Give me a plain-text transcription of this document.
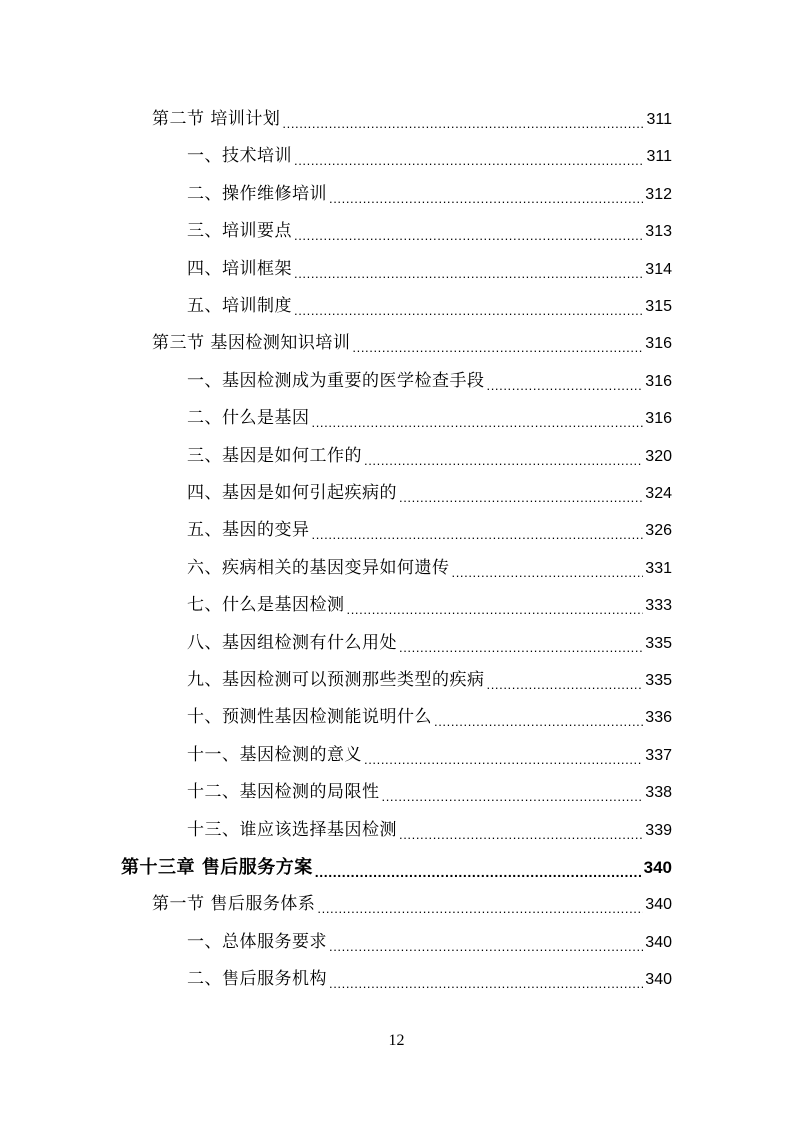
第二节 培训计划 .....	311
一、技术培训 .....	311
二、操作维修培训 .....	312
三、培训要点 .....	313
四、培训框架 .....	314
五、培训制度 .....	315
第三节 基因检测知识培训 .....	316
一、基因检测成为重要的医学检查手段 .....	316
二、什么是基因 .....	316
三、基因是如何工作的 .....	320
四、基因是如何引起疾病的 .....	324
五、基因的变异 .....	326
六、疾病相关的基因变异如何遗传 .....	331
七、什么是基因检测 .....	333
八、基因组检测有什么用处 .....	335
九、基因检测可以预测那些类型的疾病 .....	335
十、预测性基因检测能说明什么 .....	336
十一、基因检测的意义 .....	337
十二、基因检测的局限性 .....	338
十三、谁应该选择基因检测 .....	339
第十三章 售后服务方案 .....	340
第一节 售后服务体系 .....	340
一、总体服务要求 .....	340
二、售后服务机构 .....	340
12
